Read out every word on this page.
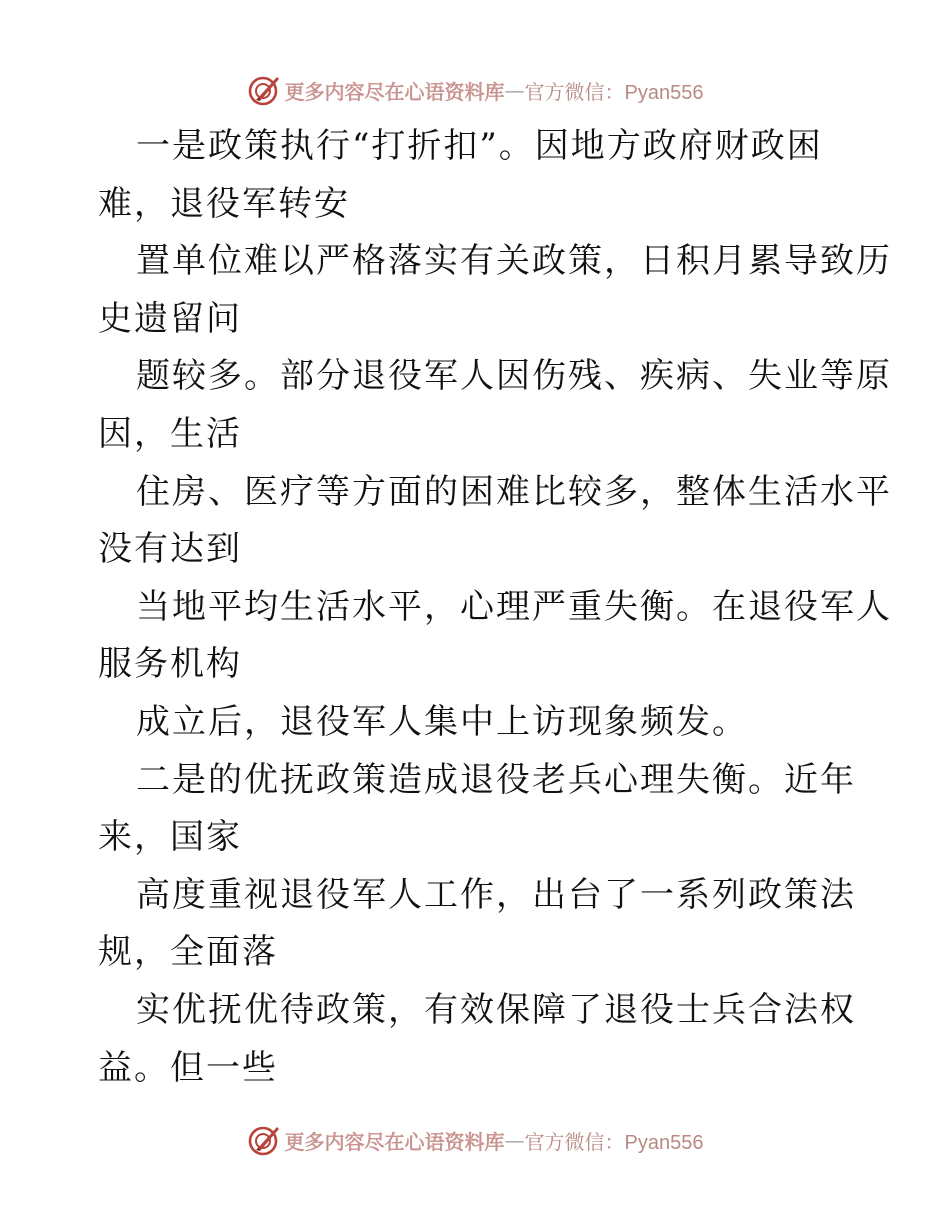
更多内容尽在心语资料库 — 官方微信：Pyan556
一是政策执行“打折扣”。因地方政府财政困
难，退役军转安
置单位难以严格落实有关政策，日积月累导致历
史遗留问
题较多。部分退役军人因伤残、疾病、失业等原
因，生活
住房、医疗等方面的困难比较多，整体生活水平
没有达到
当地平均生活水平，心理严重失衡。在退役军人
服务机构
成立后，退役军人集中上访现象频发。
二是的优抚政策造成退役老兵心理失衡。近年
来，国家
高度重视退役军人工作，出台了一系列政策法
规，全面落
实优抚优待政策，有效保障了退役士兵合法权
益。但一些
更多内容尽在心语资料库 — 官方微信：Pyan556
